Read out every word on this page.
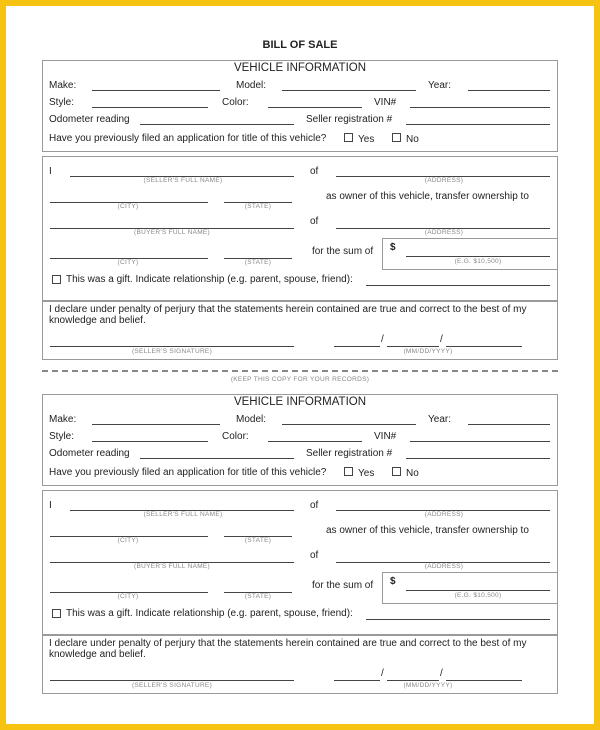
BILL OF SALE
VEHICLE INFORMATION
Make:	Model:	Year:
Style:	Color:	VIN#
Odometer reading	Seller registration #
Have you previously filed an application for title of this vehicle?	Yes	No
I
(SELLER'S FULL NAME)
of
(ADDRESS)
(CITY)	(STATE)
as owner of this vehicle, transfer ownership to
(BUYER'S FULL NAME)
of
(ADDRESS)
(CITY)	(STATE)
for the sum of $
(E.G. $10,500)
This was a gift. Indicate relationship (e.g. parent, spouse, friend):
I declare under penalty of perjury that the statements herein contained are true and correct to the best of my
knowledge and belief.
(SELLER'S SIGNATURE)
/	/
(MM/DD/YYYY)
(KEEP THIS COPY FOR YOUR RECORDS)
VEHICLE INFORMATION
Make:	Model:	Year:
Style:	Color:	VIN#
Odometer reading	Seller registration #
Have you previously filed an application for title of this vehicle?	Yes	No
I
(SELLER'S FULL NAME)
of
(ADDRESS)
(CITY)	(STATE)
as owner of this vehicle, transfer ownership to
(BUYER'S FULL NAME)
of
(ADDRESS)
(CITY)	(STATE)
for the sum of $
(E.G. $10,500)
This was a gift. Indicate relationship (e.g. parent, spouse, friend):
I declare under penalty of perjury that the statements herein contained are true and correct to the best of my
knowledge and belief.
(SELLER'S SIGNATURE)
/	/
(MM/DD/YYYY)
